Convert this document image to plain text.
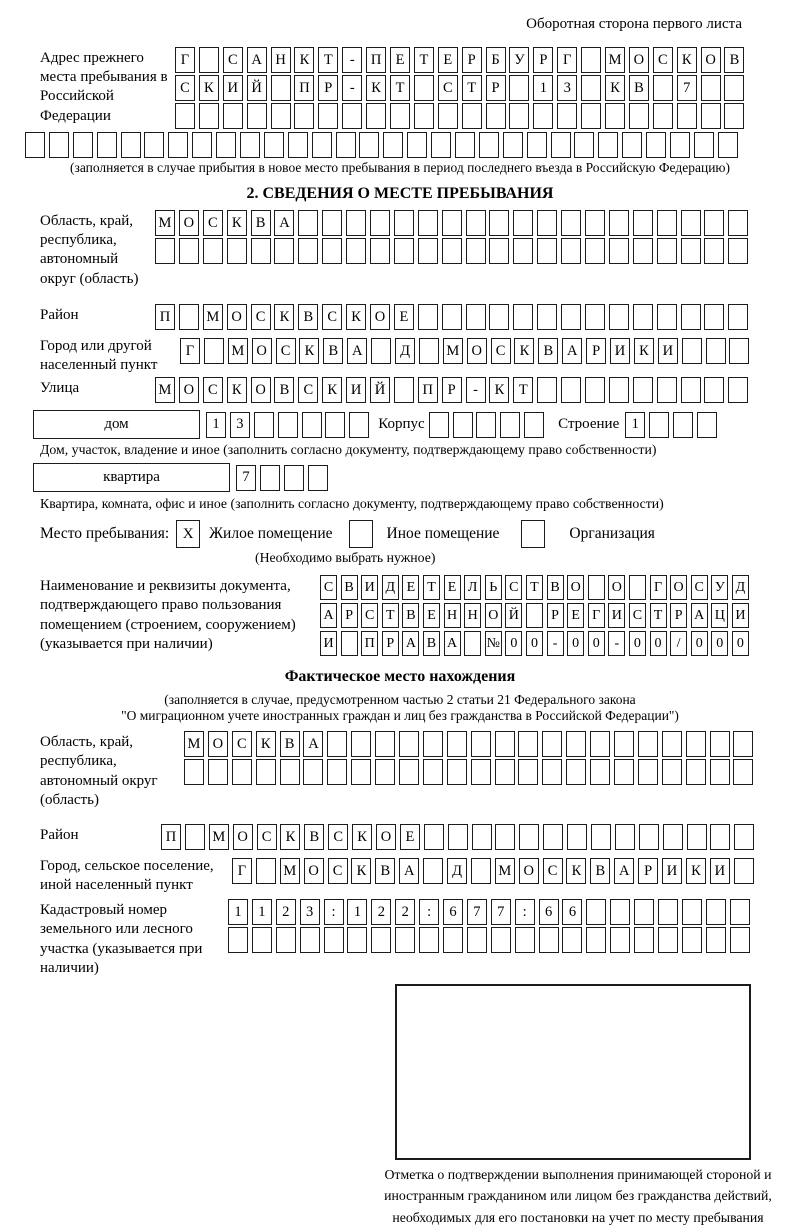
Оборотная сторона первого листа
Адрес прежнего места пребывания в Российской Федерации
Г	С А Н К	Т	-	П Е	Т	Е	Р	Б	У	Р	Г	М О С К О В
С К И Й	П	Р	-	К	Т	С	Т	Р	1	3	К В	7
(заполняется в случае прибытия в новое место пребывания в период последнего въезда в Российскую Федерацию)
2. СВЕДЕНИЯ О МЕСТЕ ПРЕБЫВАНИЯ
Область, край, республика, автономный округ (область)
М О С К В А
Район	П	М О С К В С К О Е
Город или другой населенный пункт
Г	М О С К В А	Д	М О С К В А	Р	И К И
Улица	М О С К О В С К И Й	П	Р	-	К	Т
дом	1	3	Корпус	Строение 1
Дом, участок, владение и иное (заполнить согласно документу, подтверждающему право собственности)
квартира	7
Квартира, комната, офис и иное (заполнить согласно документу, подтверждающему право собственности)
Место пребывания: X	Жилое помещение	Иное помещение	Организация
(Необходимо выбрать нужное)
Наименование и реквизиты документа, подтверждающего право пользования помещением (строением, сооружением) (указывается при наличии)
С В И Д Е Т Е Л Ь С Т В О О	Г О С У Д
А Р С Т В Е Н Н О Й	Р Е Г И С Т Р А Ц И
И П Р А В А № 0 0	-	0 0	-	0 0	/	0 0 0
Фактическое место нахождения
(заполняется в случае, предусмотренном частью 2 статьи 21 Федерального закона
"О миграционном учете иностранных граждан и лиц без гражданства в Российской Федерации")
Область, край, республика, автономный округ (область)
М О С К В А
Район	П	М О С К В С К О Е
Город, сельское поселение, иной населенный пункт
Г	М О С К В А	Д	М О С К В А	Р	И К И
Кадастровый номер земельного или лесного участка (указывается при наличии)
1	1	2	3	:	1	2	2	:	6	7	7	:	6	6
Отметка о подтверждении выполнения принимающей стороной и иностранным гражданином или лицом без гражданства действий, необходимых для его постановки на учет по месту пребывания
